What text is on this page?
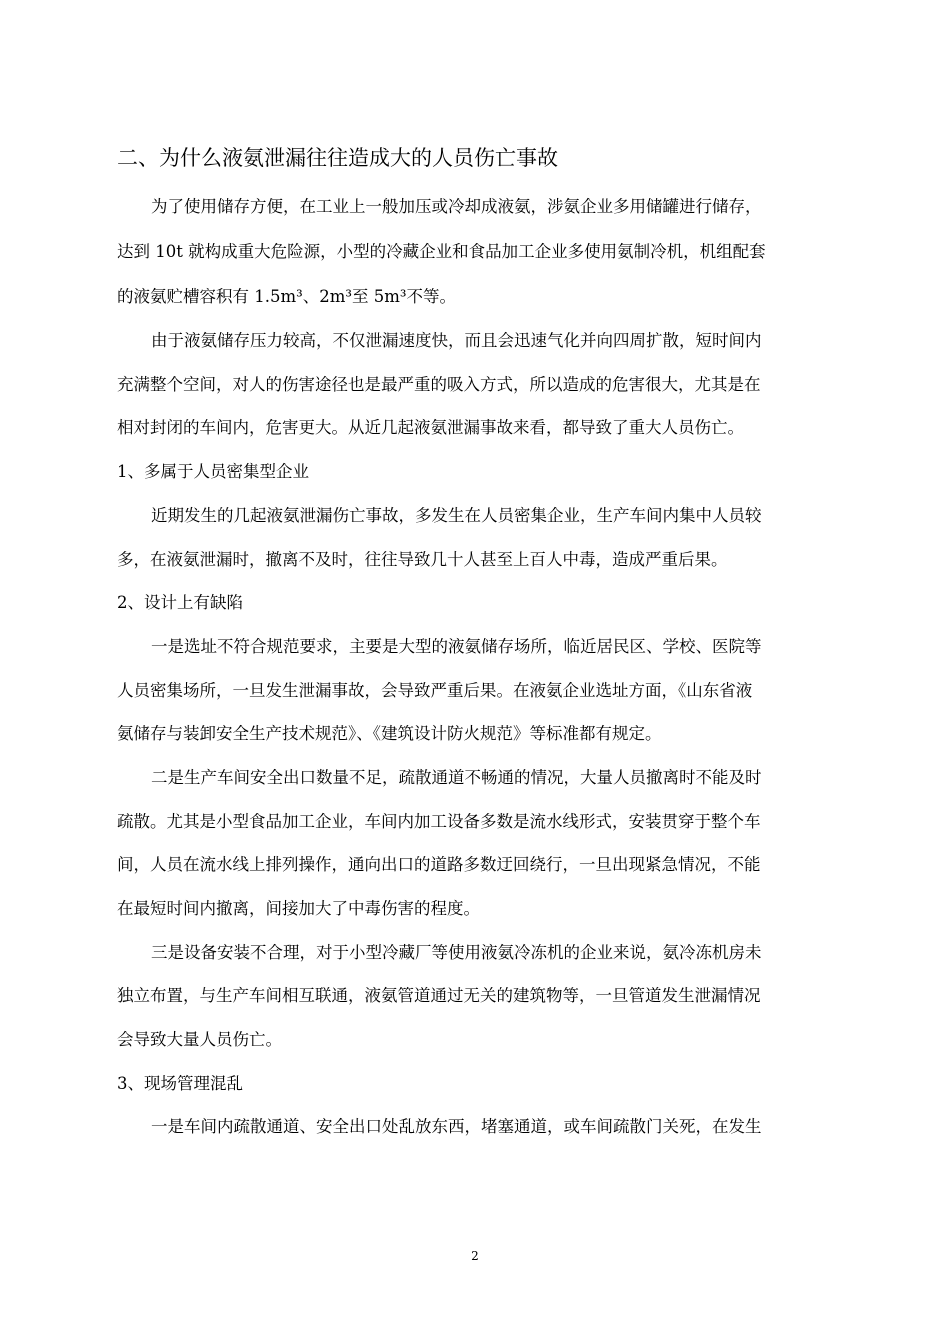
二、为什么液氨泄漏往往造成大的人员伤亡事故
为了使用储存方便，在工业上一般加压或冷却成液氨，涉氨企业多用储罐进行储存，
达到 10t 就构成重大危险源，小型的冷藏企业和食品加工企业多使用氨制冷机，机组配套
的液氨贮槽容积有 1.5m³、2m³至 5m³不等。
由于液氨储存压力较高，不仅泄漏速度快，而且会迅速气化并向四周扩散，短时间内
充满整个空间，对人的伤害途径也是最严重的吸入方式，所以造成的危害很大，尤其是在
相对封闭的车间内，危害更大。从近几起液氨泄漏事故来看，都导致了重大人员伤亡。
1、多属于人员密集型企业
近期发生的几起液氨泄漏伤亡事故，多发生在人员密集企业，生产车间内集中人员较
多，在液氨泄漏时，撤离不及时，往往导致几十人甚至上百人中毒，造成严重后果。
2、设计上有缺陷
一是选址不符合规范要求，主要是大型的液氨储存场所，临近居民区、学校、医院等
人员密集场所，一旦发生泄漏事故，会导致严重后果。在液氨企业选址方面，《山东省液
氨储存与装卸安全生产技术规范》、《建筑设计防火规范》等标准都有规定。
二是生产车间安全出口数量不足，疏散通道不畅通的情况，大量人员撤离时不能及时
疏散。尤其是小型食品加工企业，车间内加工设备多数是流水线形式，安装贯穿于整个车
间，人员在流水线上排列操作，通向出口的道路多数迂回绕行，一旦出现紧急情况，不能
在最短时间内撤离，间接加大了中毒伤害的程度。
三是设备安装不合理，对于小型冷藏厂等使用液氨冷冻机的企业来说，氨冷冻机房未
独立布置，与生产车间相互联通，液氨管道通过无关的建筑物等，一旦管道发生泄漏情况
会导致大量人员伤亡。
3、现场管理混乱
一是车间内疏散通道、安全出口处乱放东西，堵塞通道，或车间疏散门关死，在发生
2
